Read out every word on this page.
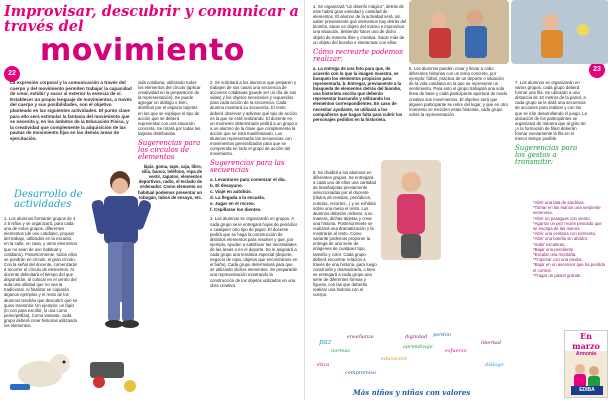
Improvisar, descubrir y comunicar a través del
movimiento
22
La expresión corporal y la comunicación a través del cuerpo y del movimiento permiten trabajar la capacidad de crear, exhibir y sacar al exterior la esencia de sí. Establecer un propio lenguaje de movimientos, a través del cuerpo y sus posibilidades, son el objetivo planteado en las siguientes actividades. El punto clave para ello será estimular la fantasía del movimiento que se necesita y, en los ámbitos de la Educación Física, y la creatividad que complemente la adquisición de las pautas de movimiento fijas en las demás áreas de ejercitación.

vida cotidiana, utilizando todos los elementos del círculo (aplicar creatividad en la preparación de la representación). Se puede agregar un diálogo o bien, distribuir por el espacio tarjetas en las que se explique el tipo de acción que se deberá representar con una situación concreta. Se rotará por todas las tarjetas distribuidas.

Sugerencias para los círculos de elementos

lápiz, goma, tape, caja, libro, silla, banco, teléfono, ropa de vestir, zapatos, elementos deportivos, radio, el teclado de ordenador. Como elemento no habitual podemos presentar un tobogán, tubos de ensayo, etc.

2. Se solicitará a los alumnos que preparen y trabajen de sus casas una secuencia de acciones cotidianas (puede ser un día de sus vidas) y los objetos necesarios y requeridos para cada acción de la secuencia. Cada alumno mostrará su secuencia. El resto deberá observar y adivinar qué tipo de acción es la que se está realizando. El docente en un momento determinado pedirá a un grupo o a un alumno de la clase que complemente la acción que se está manifestando. Los alumnos representarán las secuencias con movimientos generalizados para que se comprenda en todo el grupo de acción del movimiento.

Sugerencias para las secuencias
a. Levantarse para comenzar el día.
b. El desayuno.
c. Viaje en autobús.
d. La llegada a la escuela.
e. Jugar en el recreo.
f. Cepillarse los dientes.

3. Los alumnos se organizarán en grupos. A cada grupo se le entregará hojas de periódico o cualquier otro tipo de papel. El docente pedirá que se haga la construcción de distintos elementos para resolver y que, por ejemplo, ayuden a satisfacer las necesidades de las áreas o en el deporte. Se le asignará a cada grupo una temática especial (deporte, negocio de ropa, objetos que encontramos en el baño). Cada grupo determinará para que se utilizarán dichos elementos. Se prepararán una representación mostrando la construcción de los objetos utilizados en una obra creativa.

Desarrollo de actividades

1. Los alumnos formarán grupos de 4 ó 5 niños y se organizará, para cada uno de estos grupos, diferentes elementos (de uso cotidiano, propios del trabajo, utilizados en la escuela, en la calle, en casa, y otros elementos que no sean de uso habitual y cotidiano). Posteriormente, todos ellos se pondrán en círculo: el gran círculo. Con la señal del docente, comenzarán a recorrer el círculo de elementos. Al docente delimitará el tiempo del que dispondrán, al colocar en el centro del aula una utilidad que no sea la tradicional. Al finalizar se copiarán algunos ejemplos y el resto de los alumnos tendrán que descubrir qué se quiso transmitir. Un ejemplo: un lápiz (lo con para escribir, lo usa como peine/pelliza). Como variante, cada grupo deberá crear historias utilizando los elementos.

23

4. Se organizará "un disenfo mágico", detrás de este habrá gran variedad y cantidad de elementos. El alumno de la actividad será, sin saber previamente qué elementos hay detrás del biombo, sacar un objeto del mismo e improvisar una situación, debiendo hacer uso de dicho objeto de manera libre y creativa. Sacar más de un objeto del biombo e interactuar con ellos.

Cómo recrearte podemos realizar:

a. La entrega de una foto para que, de acuerdo con lo que la imagen muestra, se busquen los elementos propicios para representarla. b. Entregar, previamente a la búsqueda de elementos detrás del biombo, una historieta escrita que deberán representar buscando y utilizando los elementos correspondientes. En caso de necesitar ayudante, se utilizará a los compañeros que hagan falta para cubrir los personajes pedidos en la historieta.

6. Los alumnos pueden crear y llevar a cabo diferentes historias con un tema concreto, por ejemplo: fútbol, práctica de un deporte o situación de la vida cotidiana en la que se represente un sentimiento. Para esto el grupo trabajará una sola línea de base y cada participante aportará de modo creativo sus movimientos. El objetivo será que alguien participante se retire del lugar, y que en otro momento se mezclen estas historias, cada grupo sobre la representación.

7. Los alumnos se organizarán en varios grupos, cada grupo deberá formar una fila. Se ubicarán a una distancia de 10 metros de la pared, a cada grupo se le dará una secuencia de acciones para realizar y con los que se irán desarrollando el juego. La ubicación de los participantes se organizará de manera que al grito de: ¡A la formación de filas! deberán formar nuevamente la fila en el menor tiempo posible.

Sugerencias para los gestos a transmitir:

5. Se dividirá a los alumnos en diferentes grupos. Se entregará a cada uno de ellos una cantidad de tiras/tarjetas previamente seleccionadas por el docente (títulos de revistas, periódicos, noticias, recortes...) y se exhibirá sobre una mesa el resto. Los alumnos deberán ordenar, a su manera, dichas tarjetas y crear una historia. Posteriormente se realizará una dramatización y la mostrarán al resto. Como variante podemos proponer la entrega de una serie de imágenes de cualquier tipo, tamaño y color. Cada grupo deberá encontrar relación a través de una historia, para luego construirla y dramatizarla, o bien se entregará a cada grupo una serie de diferentes formas y figuras, con las que deberán realizar una historia con el cuerpo.

*Abrir una lata de sardinas.
*Tomar en las manos una serpiente venenosa.
*Abrir un paraguas con viento.
*Agarrar un pez recién pescado que se escapa de las manos.
*Abrir una ventana con tormenta.
*Abrir una botella sin abridor.
*Subir escaleras.
*Bajar una pendiente.
*Escalar una montaña.
*Tropezar con una piedra.
*Bajar en un ascensor que ha perdido el control.
*Tragar un pastel grande.
paz
enseñanza
normas
ética
compromiso
educación
aprendizaje
perdón
dignidad
esfuerzo
libertad
diálogo
Más niños y niñas con valores
En marzo
Armonía
EDIBA
